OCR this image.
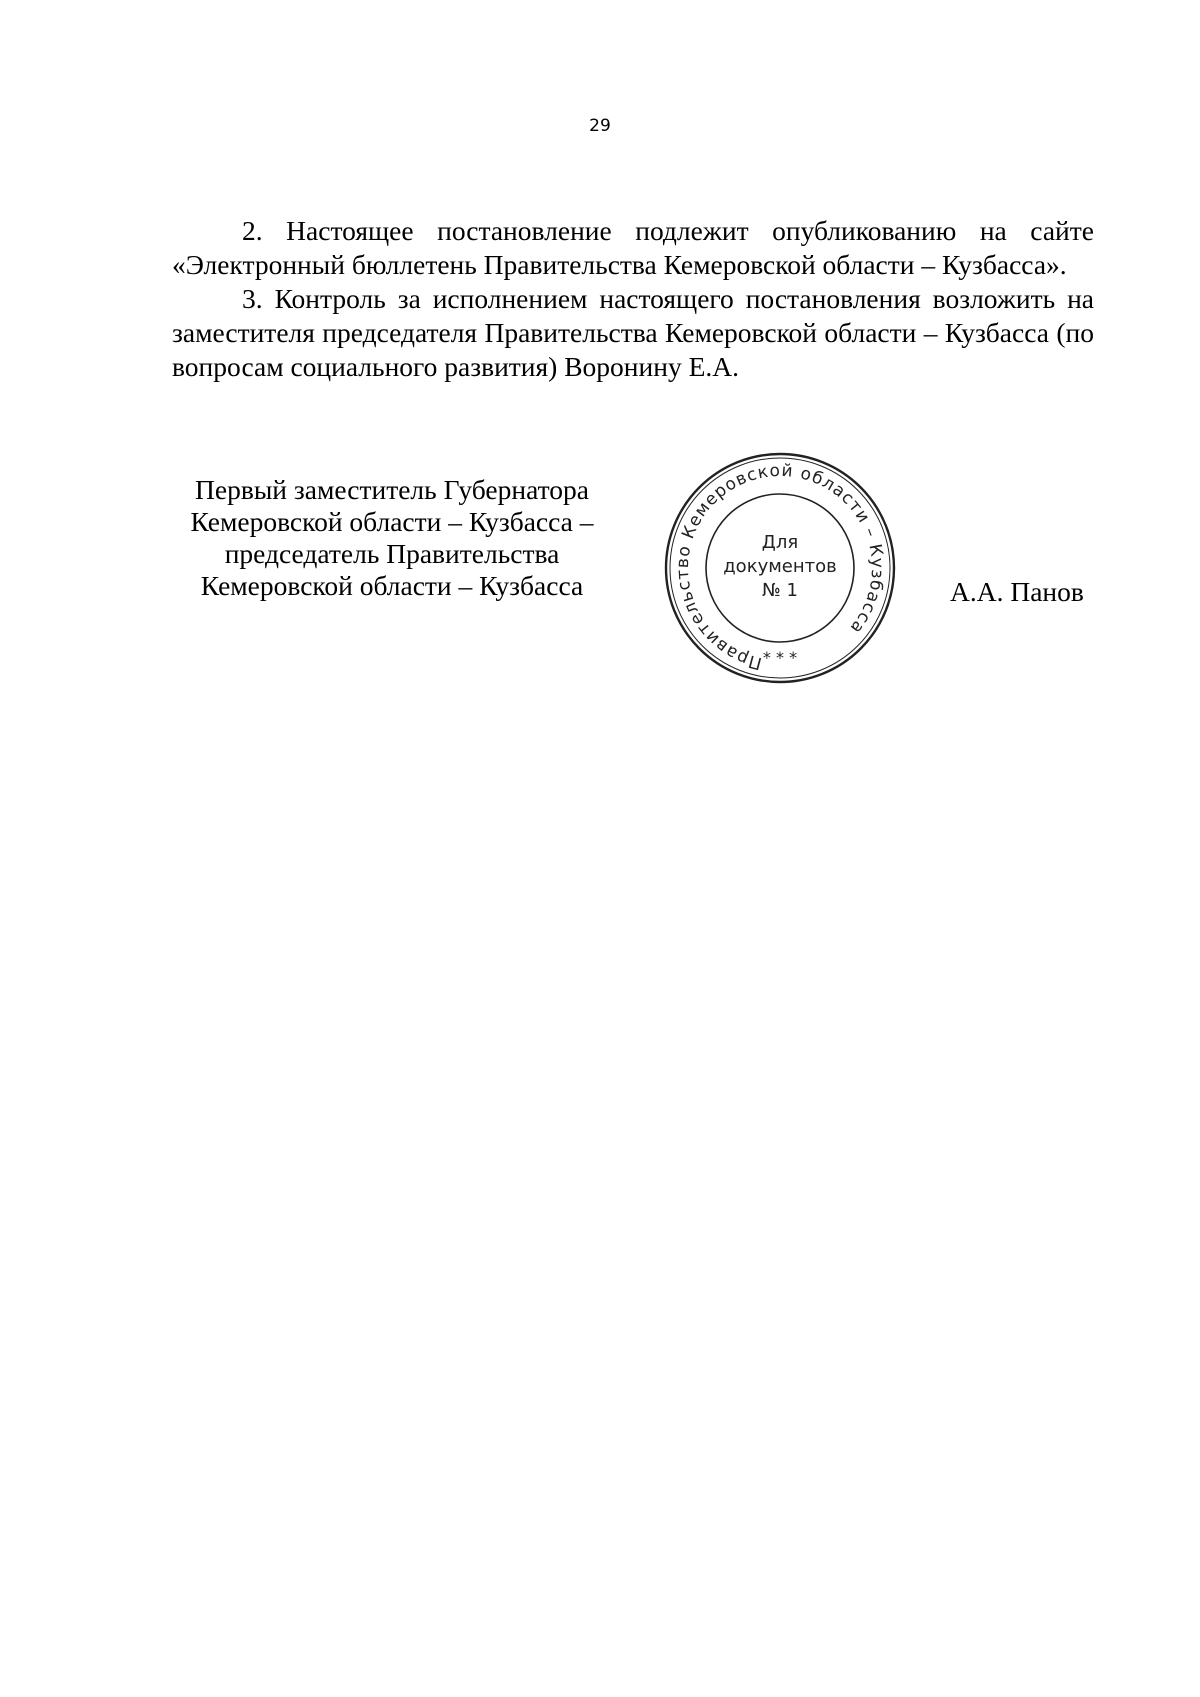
29

2. Настоящее постановление подлежит опубликованию на сайте «Электронный бюллетень Правительства Кемеровской области – Кузбасса».

3. Контроль за исполнением настоящего постановления возложить на заместителя председателя Правительства Кемеровской области – Кузбасса (по вопросам социального развития) Воронину Е.А.

Первый заместитель Губернатора
Кемеровской области – Кузбасса –
председатель Правительства
Кемеровской области – Кузбасса
Правительство Кемеровской области – Кузбасса
Для
документов
№ 1
* * *
А.А. Панов
